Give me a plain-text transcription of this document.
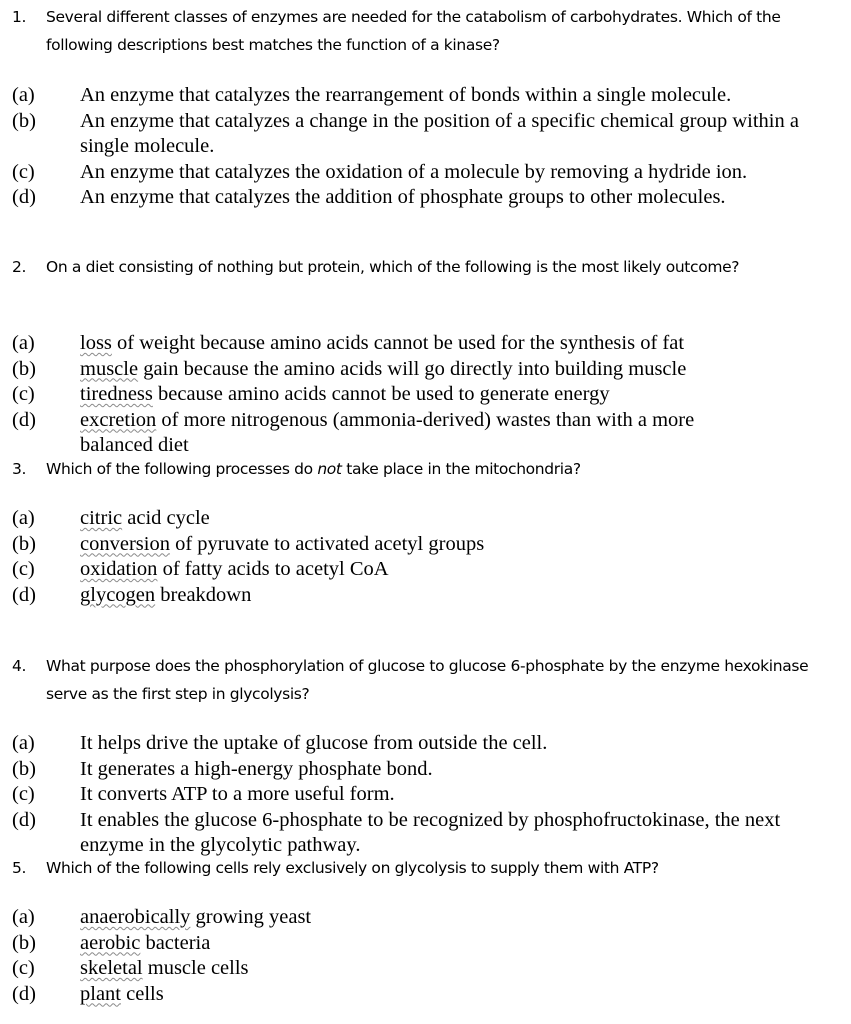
1.	Several different classes of enzymes are needed for the catabolism of carbohydrates. Which of the following descriptions best matches the function of a kinase?
(a)	An enzyme that catalyzes the rearrangement of bonds within a single molecule.
(b)	An enzyme that catalyzes a change in the position of a specific chemical group within a single molecule.
(c)	An enzyme that catalyzes the oxidation of a molecule by removing a hydride ion.
(d)	An enzyme that catalyzes the addition of phosphate groups to other molecules.
2.	On a diet consisting of nothing but protein, which of the following is the most likely outcome?
(a)	loss of weight because amino acids cannot be used for the synthesis of fat
(b)	muscle gain because the amino acids will go directly into building muscle
(c)	tiredness because amino acids cannot be used to generate energy
(d)	excretion of more nitrogenous (ammonia-derived) wastes than with a more balanced diet
3.	Which of the following processes do not take place in the mitochondria?
(a)	citric acid cycle
(b)	conversion of pyruvate to activated acetyl groups
(c)	oxidation of fatty acids to acetyl CoA
(d)	glycogen breakdown
4.	What purpose does the phosphorylation of glucose to glucose 6-phosphate by the enzyme hexokinase serve as the first step in glycolysis?
(a)	It helps drive the uptake of glucose from outside the cell.
(b)	It generates a high-energy phosphate bond.
(c)	It converts ATP to a more useful form.
(d)	It enables the glucose 6-phosphate to be recognized by phosphofructokinase, the next enzyme in the glycolytic pathway.
5.	Which of the following cells rely exclusively on glycolysis to supply them with ATP?
(a)	anaerobically growing yeast
(b)	aerobic bacteria
(c)	skeletal muscle cells
(d)	plant cells
